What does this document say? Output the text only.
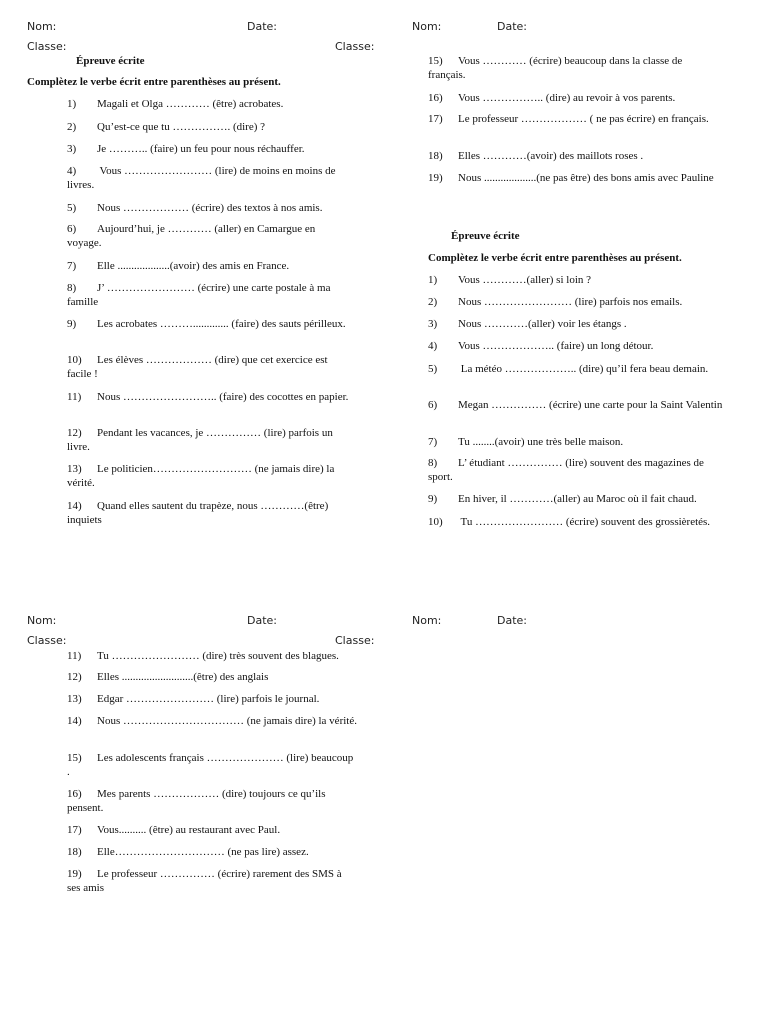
Nom:	Date:
Classe:	Classe:
Nom:	Date:
Épreuve écrite
Complètez le verbe écrit entre parenthèses au présent.
1) Magali et Olga ………… (être) acrobates.
2) Qu’est-ce que tu ……………. (dire) ?
3) Je ……….. (faire) un feu pour nous réchauffer.
4) Vous …………………… (lire) de moins en moins de livres.
5) Nous ……………… (écrire) des textos à nos amis.
6) Aujourd’hui, je ………… (aller) en Camargue en voyage.
7) Elle ...................(avoir) des amis en France.
8) J’ …………………… (écrire) une carte postale à ma famille
9) Les acrobates ………............. (faire) des sauts périlleux.
10) Les élèves ……………… (dire) que cet exercice est facile !
11) Nous …………………….. (faire) des cocottes en papier.
12) Pendant les vacances, je …………… (lire) parfois un livre.
13) Le politicien……………………… (ne jamais dire) la vérité.
14) Quand elles sautent du trapèze, nous …………(être) inquiets
15) Vous ………… (écrire) beaucoup dans la classe de français.
16) Vous …………….. (dire) au revoir à vos parents.
17) Le professeur ……………… ( ne pas écrire) en français.
18) Elles …………(avoir) des maillots roses .
19) Nous ...................(ne pas être) des bons amis avec Pauline
Épreuve écrite
Complètez le verbe écrit entre parenthèses au présent.
1) Vous …………(aller) si loin ?
2) Nous …………………… (lire) parfois nos emails.
3) Nous …………(aller) voir les étangs .
4) Vous ……………….. (faire) un long détour.
5) La météo ……………….. (dire) qu’il fera beau demain.
6) Megan …………… (écrire) une carte pour la Saint Valentin
7) Tu ........(avoir) une très belle maison.
8) L’ étudiant …………… (lire) souvent des magazines de sport.
9) En hiver, il …………(aller) au Maroc où il fait chaud.
10) Tu …………………… (écrire) souvent des grossièretés.
Nom:	Date:
Classe:	Classe:
Nom:	Date:
11) Tu …………………… (dire) très souvent des blagues.
12) Elles ..........................(être) des anglais
13) Edgar …………………… (lire) parfois le journal.
14) Nous …………………………… (ne jamais dire) la vérité.
15) Les adolescents français ………………… (lire) beaucoup .
16) Mes parents ……………… (dire) toujours ce qu’ils pensent.
17) Vous.......... (être) au restaurant avec Paul.
18) Elle………………………… (ne pas lire) assez.
19) Le professeur …………… (écrire) rarement des SMS à ses amis
